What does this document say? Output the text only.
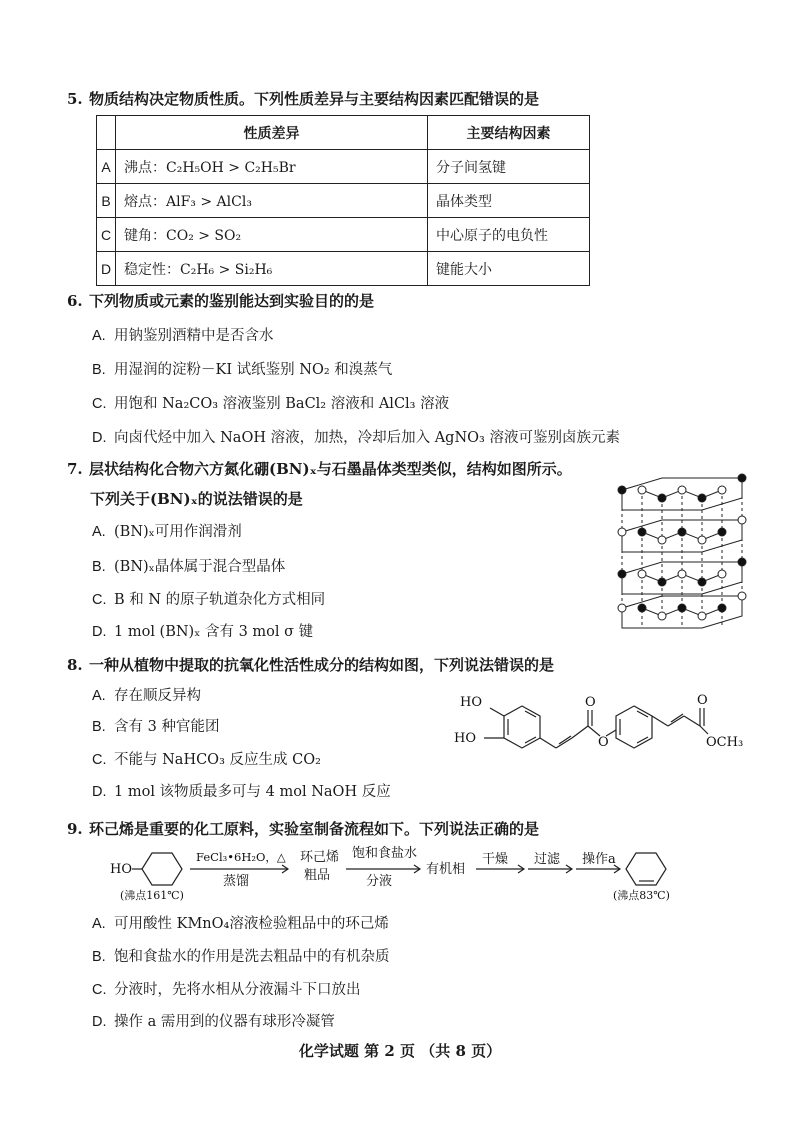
5. 物质结构决定物质性质。下列性质差异与主要结构因素匹配错误的是
	性质差异	主要结构因素
A	沸点：C₂H₅OH > C₂H₅Br	分子间氢键
B	熔点：AlF₃ > AlCl₃	晶体类型
C	键角：CO₂ > SO₂	中心原子的电负性
D	稳定性：C₂H₆ > Si₂H₆	键能大小
6. 下列物质或元素的鉴别能达到实验目的的是
A. 用钠鉴别酒精中是否含水
B. 用湿润的淀粉－KI 试纸鉴别 NO₂ 和溴蒸气
C. 用饱和 Na₂CO₃ 溶液鉴别 BaCl₂ 溶液和 AlCl₃ 溶液
D. 向卤代烃中加入 NaOH 溶液，加热，冷却后加入 AgNO₃ 溶液可鉴别卤族元素
7. 层状结构化合物六方氮化硼(BN)ₓ与石墨晶体类型类似，结构如图所示。
下列关于(BN)ₓ的说法错误的是
A. (BN)ₓ可用作润滑剂
B. (BN)ₓ晶体属于混合型晶体
C. B 和 N 的原子轨道杂化方式相同
D. 1 mol (BN)ₓ 含有 3 mol σ 键
8. 一种从植物中提取的抗氧化性活性成分的结构如图，下列说法错误的是
A. 存在顺反异构
B. 含有 3 种官能团
C. 不能与 NaHCO₃ 反应生成 CO₂
D. 1 mol 该物质最多可与 4 mol NaOH 反应
HO
HO
O
O
O
OCH₃
9. 环己烯是重要的化工原料，实验室制备流程如下。下列说法正确的是
HO
(沸点161℃)
FeCl₃•6H₂O，△
蒸馏
环己烯
粗品
饱和食盐水
分液
有机相
干燥 过滤 操作a
(沸点83℃)
A. 可用酸性 KMnO₄溶液检验粗品中的环己烯
B. 饱和食盐水的作用是洗去粗品中的有机杂质
C. 分液时，先将水相从分液漏斗下口放出
D. 操作 a 需用到的仪器有球形冷凝管
化学试题 第 2 页 （共 8 页）
